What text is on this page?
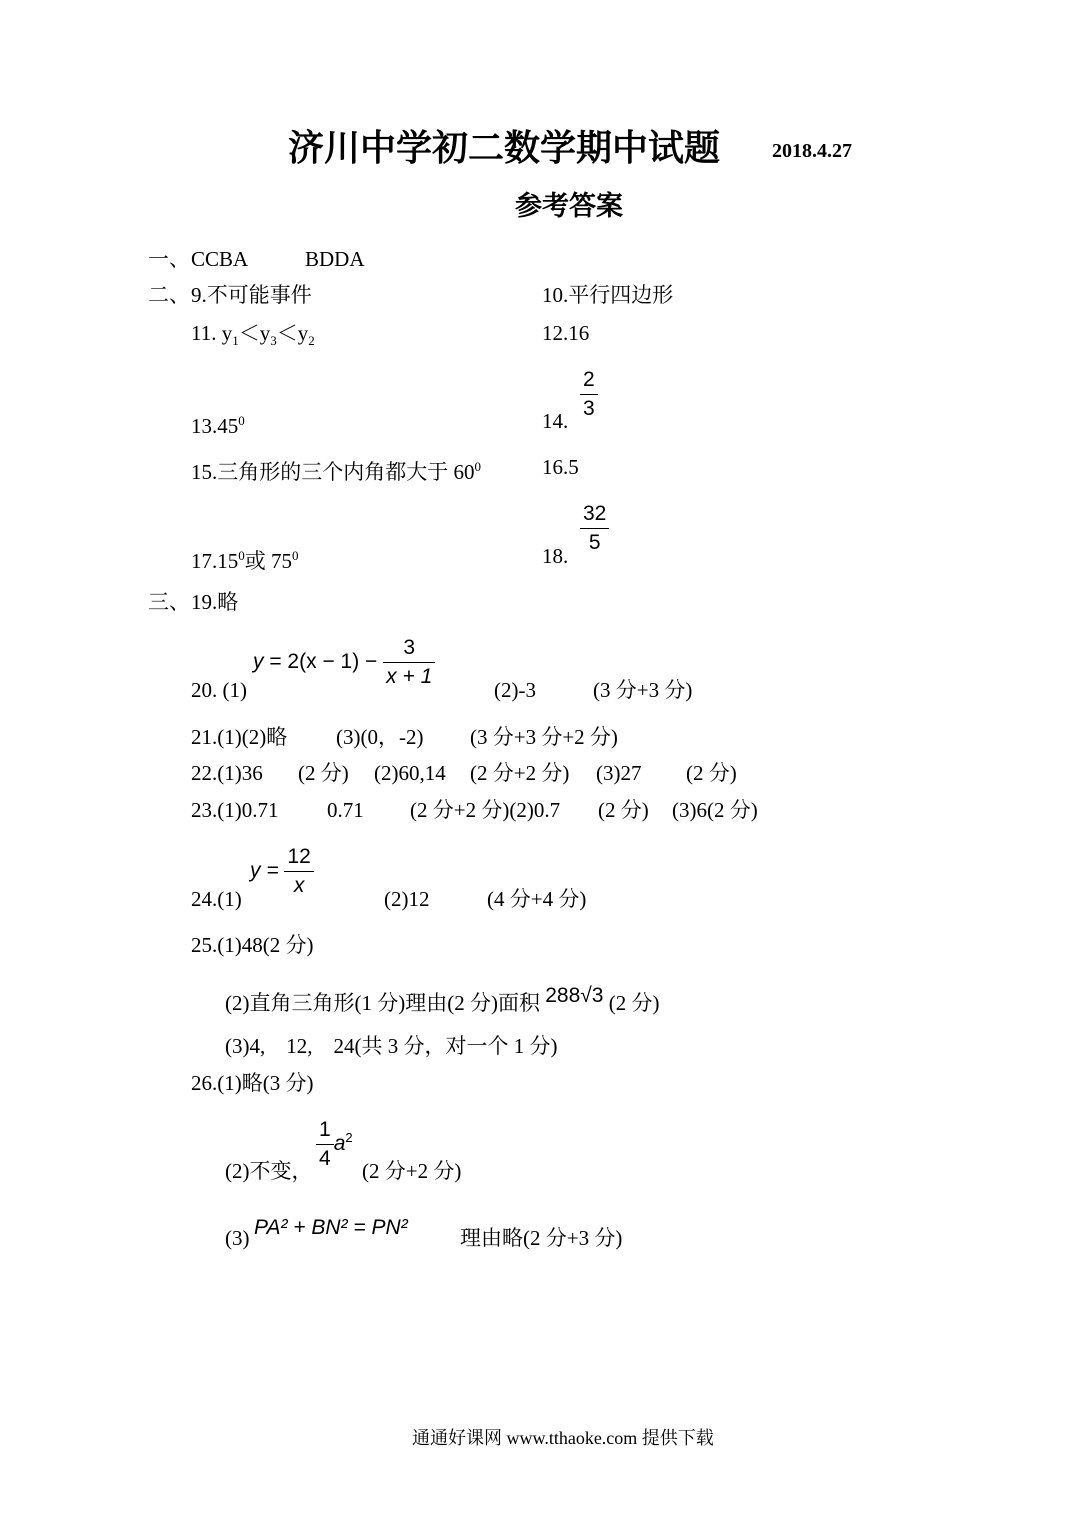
济川中学初二数学期中试题	2018.4.27
参考答案
一、 CCBA	BDDA
二、 9.不可能事件	10.平行四边形
11. $y_1<y_3<y_2$	12.16
13.45$^0$	14. $\frac{2}{3}$
15.三角形的三个内角都大于 $60^0$	16.5
17.15$^0$或 $75^0$	18. $\frac{32}{5}$
三、 19.略
20. (1)
$y = 2(x - 1) - \frac{3}{x + 1}$	(2)-3	(3 分+3 分)
21.(1)(2)略 (3)(0，-2) (3 分+3 分+2 分)
22.(1)36 (2 分) (2)60,14 (2 分+2 分) (3)27 (2 分)
23.(1)0.71 0.71 (2 分+2 分)(2)0.7 (2 分) (3)6(2 分)
24.(1)
$y = \frac{12}{x}$	(2)12	(4 分+4 分)
25.(1)48(2 分)
(2)直角三角形(1 分)理由(2 分)面积 288√3 (2 分)
(3)4,　12,　24(共 3 分，对一个 1 分)
26.(1)略(3 分)
(2)不变， $\frac{1}{4} a^2$
(2 分+2 分)
(3) PA² + BN² = PN² 理由略(2 分+3 分)
通通好课网 www.tthaoke.com 提供下载
